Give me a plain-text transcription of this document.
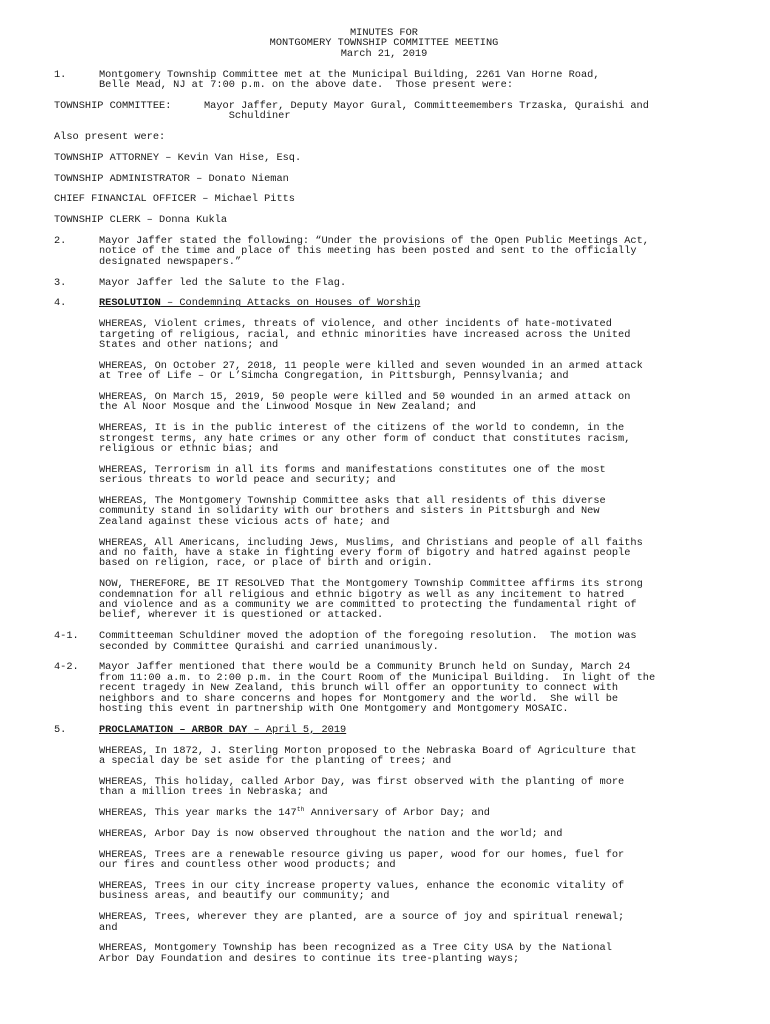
MINUTES FOR
MONTGOMERY TOWNSHIP COMMITTEE MEETING
March 21, 2019
1.	Montgomery Township Committee met at the Municipal Building, 2261 Van Horne Road,
Belle Mead, NJ at 7:00 p.m. on the above date.  Those present were:
TOWNSHIP COMMITTEE:	Mayor Jaffer, Deputy Mayor Gural, Committeemembers Trzaska, Quraishi and
Schuldiner
Also present were:
TOWNSHIP ATTORNEY – Kevin Van Hise, Esq.
TOWNSHIP ADMINISTRATOR – Donato Nieman
CHIEF FINANCIAL OFFICER – Michael Pitts
TOWNSHIP CLERK – Donna Kukla
2.	Mayor Jaffer stated the following: “Under the provisions of the Open Public Meetings Act,
notice of the time and place of this meeting has been posted and sent to the officially
designated newspapers.”
3.	Mayor Jaffer led the Salute to the Flag.
4.	RESOLUTION – Condemning Attacks on Houses of Worship
WHEREAS, Violent crimes, threats of violence, and other incidents of hate-motivated
targeting of religious, racial, and ethnic minorities have increased across the United
States and other nations; and
WHEREAS, On October 27, 2018, 11 people were killed and seven wounded in an armed attack
at Tree of Life – Or L’Simcha Congregation, in Pittsburgh, Pennsylvania; and
WHEREAS, On March 15, 2019, 50 people were killed and 50 wounded in an armed attack on
the Al Noor Mosque and the Linwood Mosque in New Zealand; and
WHEREAS, It is in the public interest of the citizens of the world to condemn, in the
strongest terms, any hate crimes or any other form of conduct that constitutes racism,
religious or ethnic bias; and
WHEREAS, Terrorism in all its forms and manifestations constitutes one of the most
serious threats to world peace and security; and
WHEREAS, The Montgomery Township Committee asks that all residents of this diverse
community stand in solidarity with our brothers and sisters in Pittsburgh and New
Zealand against these vicious acts of hate; and
WHEREAS, All Americans, including Jews, Muslims, and Christians and people of all faiths
and no faith, have a stake in fighting every form of bigotry and hatred against people
based on religion, race, or place of birth and origin.
NOW, THEREFORE, BE IT RESOLVED That the Montgomery Township Committee affirms its strong
condemnation for all religious and ethnic bigotry as well as any incitement to hatred
and violence and as a community we are committed to protecting the fundamental right of
belief, wherever it is questioned or attacked.
4-1.	Committeeman Schuldiner moved the adoption of the foregoing resolution.  The motion was
seconded by Committee Quraishi and carried unanimously.
4-2.	Mayor Jaffer mentioned that there would be a Community Brunch held on Sunday, March 24
from 11:00 a.m. to 2:00 p.m. in the Court Room of the Municipal Building.  In light of the
recent tragedy in New Zealand, this brunch will offer an opportunity to connect with
neighbors and to share concerns and hopes for Montgomery and the world.  She will be
hosting this event in partnership with One Montgomery and Montgomery MOSAIC.
5.	PROCLAMATION – ARBOR DAY – April 5, 2019
WHEREAS, In 1872, J. Sterling Morton proposed to the Nebraska Board of Agriculture that
a special day be set aside for the planting of trees; and
WHEREAS, This holiday, called Arbor Day, was first observed with the planting of more
than a million trees in Nebraska; and
WHEREAS, This year marks the 147th Anniversary of Arbor Day; and
WHEREAS, Arbor Day is now observed throughout the nation and the world; and
WHEREAS, Trees are a renewable resource giving us paper, wood for our homes, fuel for
our fires and countless other wood products; and
WHEREAS, Trees in our city increase property values, enhance the economic vitality of
business areas, and beautify our community; and
WHEREAS, Trees, wherever they are planted, are a source of joy and spiritual renewal;
and
WHEREAS, Montgomery Township has been recognized as a Tree City USA by the National
Arbor Day Foundation and desires to continue its tree-planting ways;
